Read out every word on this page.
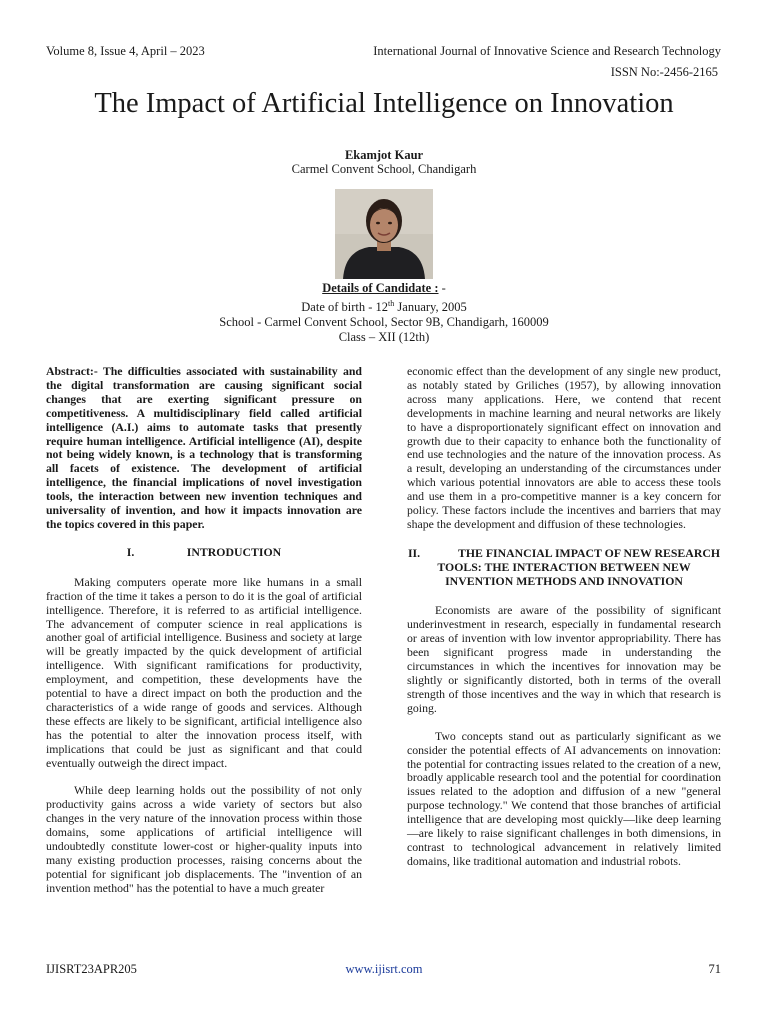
Volume 8, Issue 4, April – 2023	International Journal of Innovative Science and Research Technology
ISSN No:-2456-2165
The Impact of Artificial Intelligence on Innovation
Ekamjot Kaur
Carmel Convent School, Chandigarh
Details of Candidate : -
Date of birth - 12th January, 2005
School - Carmel Convent School, Sector 9B, Chandigarh, 160009
Class – XII (12th)

Abstract:- The difficulties associated with sustainability and the digital transformation are causing significant social changes that are exerting significant pressure on competitiveness. A multidisciplinary field called artificial intelligence (A.I.) aims to automate tasks that presently require human intelligence. Artificial intelligence (AI), despite not being widely known, is a technology that is transforming all facets of existence. The development of artificial intelligence, the financial implications of novel investigation tools, the interaction between new invention techniques and universality of invention, and how it impacts innovation are the topics covered in this paper.

I.	INTRODUCTION

Making computers operate more like humans in a small fraction of the time it takes a person to do it is the goal of artificial intelligence. Therefore, it is referred to as artificial intelligence. The advancement of computer science in real applications is another goal of artificial intelligence. Business and society at large will be greatly impacted by the quick development of artificial intelligence. With significant ramifications for productivity, employment, and competition, these developments have the potential to have a direct impact on both the production and the characteristics of a wide range of goods and services. Although these effects are likely to be significant, artificial intelligence also has the potential to alter the innovation process itself, with implications that could be just as significant and that could eventually outweigh the direct impact.

While deep learning holds out the possibility of not only productivity gains across a wide variety of sectors but also changes in the very nature of the innovation process within those domains, some applications of artificial intelligence will undoubtedly constitute lower-cost or higher-quality inputs into many existing production processes, raising concerns about the potential for significant job displacements. The "invention of an invention method" has the potential to have a much greater

economic effect than the development of any single new product, as notably stated by Griliches (1957), by allowing innovation across many applications. Here, we contend that recent developments in machine learning and neural networks are likely to have a disproportionately significant effect on innovation and growth due to their capacity to enhance both the functionality of end use technologies and the nature of the innovation process. As a result, developing an understanding of the circumstances under which various potential innovators are able to access these tools and use them in a pro-competitive manner is a key concern for policy. These factors include the incentives and barriers that may shape the development and diffusion of these technologies.

II.	THE FINANCIAL IMPACT OF NEW RESEARCH TOOLS: THE INTERACTION BETWEEN NEW INVENTION METHODS AND INNOVATION

Economists are aware of the possibility of significant underinvestment in research, especially in fundamental research or areas of invention with low inventor appropriability. There has been significant progress made in understanding the circumstances in which the incentives for innovation may be slightly or significantly distorted, both in terms of the overall strength of those incentives and the way in which that research is going.

Two concepts stand out as particularly significant as we consider the potential effects of AI advancements on innovation: the potential for contracting issues related to the creation of a new, broadly applicable research tool and the potential for coordination issues related to the adoption and diffusion of a new "general purpose technology." We contend that those branches of artificial intelligence that are developing most quickly—like deep learning—are likely to raise significant challenges in both dimensions, in contrast to technological advancement in relatively limited domains, like traditional automation and industrial robots.

IJISRT23APR205	www.ijisrt.com	71
